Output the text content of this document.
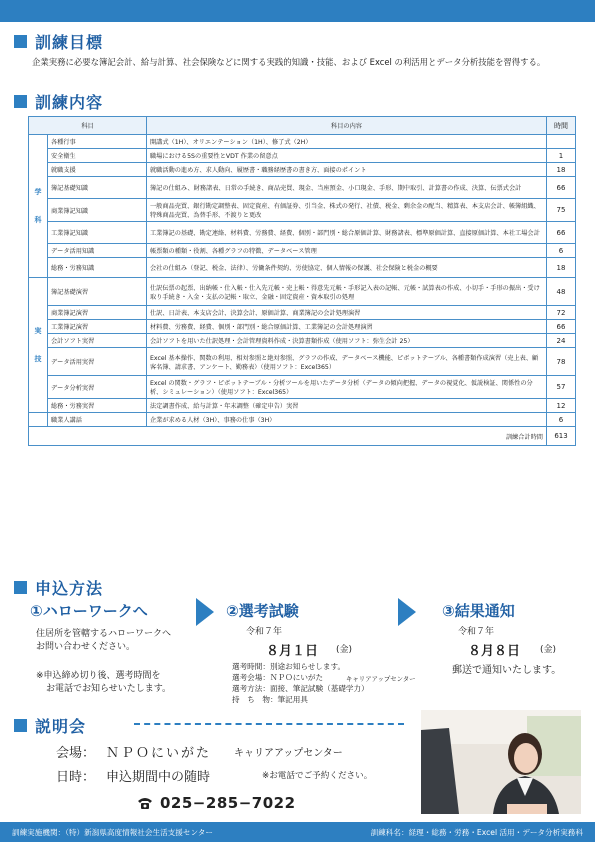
訓練目標
企業実務に必要な簿記会計、給与計算、社会保険などに関する実践的知識・技能、および Excel の利活用とデータ分析技能を習得する。
訓練内容
科目		科目の内容	時間
学

科	各種行事	開講式（1H）、オリエンテーション（1H）、修了式（2H）	
	安全衛生	職場における5Sの重要性とVDT 作業の留意点	1
	就職支援	就職活動の進め方、求人動向、履歴書・職務経歴書の書き方、面接のポイント	18
	簿記基礎知識	簿記の仕組み、財務諸表、日常の手続き、商品売買、現金、当座預金、小口現金、手形、期中取引、計算書の作成、決算、伝票式会計	66
	商業簿記知識	一般商品売買、銀行勘定調整表、固定資産、有価証券、引当金、株式の発行、社債、税金、剰余金の配当、精算表、本支店会計、帳簿組織、特殊商品売買、為替手形、不渡りと更改	75
	工業簿記知識	工業簿記の基礎、勘定連絡、材料費、労務費、経費、個別・部門別・総合原価計算、財務諸表、標準原価計算、直接原価計算、本社工場会計	66
	データ活用知識	帳票類の種類・役割、各種グラフの特徴、データベース管理	6
	総務・労務知識	会社の仕組み（登記、税金、法律）、労働条件契約、労使協定、個人情報の保護、社会保険と税金の概要	18
実

技	簿記基礎演習	仕訳伝票の起票、出納帳・仕入帳・仕入先元帳・売上帳・得意先元帳・手形記入表の記帳、元帳・試算表の作成、小切手・手形の振出・受け取り手続き・入金・支払の記帳・取立、金融・固定資産・資本取引の処理	48
	商業簿記演習	仕訳、日計表、本支店会計、決算会計、原価計算、商業簿記の会計処理演習	72
	工業簿記演習	材料費、労務費、経費、個別・部門別・総合原価計算、工業簿記の会計処理演習	66
	会計ソフト実習	会計ソフトを用いた仕訳処理・会計管理資料作成・決算書類作成（使用ソフト：弥生会計 25）	24
	データ活用実習	Excel 基本操作、関数の利用、相対参照と絶対参照、グラフの作成、データベース機能、ピボットテーブル、各種書類作成演習（売上表、顧客名簿、請求書、アンケート、勤務表）（使用ソフト：Excel365）	78
	データ分析実習	Excel の関数・グラフ・ピボットテーブル・分析ツールを用いたデータ分析（データの傾向把握、データの視覚化、仮説検証、関係性の分析、シミュレーション）（使用ソフト：Excel365）	57
	総務・労務実習	法定調書作成、給与計算・年末調整（確定申告）実習	12
	職業人講話	企業が求める人材（3H）、事務の仕事（3H）	6
訓練合計時間			613
申込方法
①ハローワークへ	②選考試験	③結果通知
住居所を管轄するハローワークへ
お問い合わせください。
※申込締め切り後、選考時間を
お電話でお知らせいたします。
令和７年
８月１日 (金)
選考時間：別途お知らせします。
選考会場：ＮＰＯにいがた	キャリアアップセンター
選考方法：面接、筆記試験（基礎学力）
持　ち　物：筆記用具
令和７年
８月８日 (金)
郵送で通知いたします。
説明会
会場： ＮＰＯにいがた キャリアアップセンター
日時： 申込期間中の随時	※お電話でご予約ください。
025−285−7022
訓練実施機関：（特）新潟県高度情報社会生活支援センター	訓練科名：経理・総務・労務・Excel 活用・データ分析実務科
